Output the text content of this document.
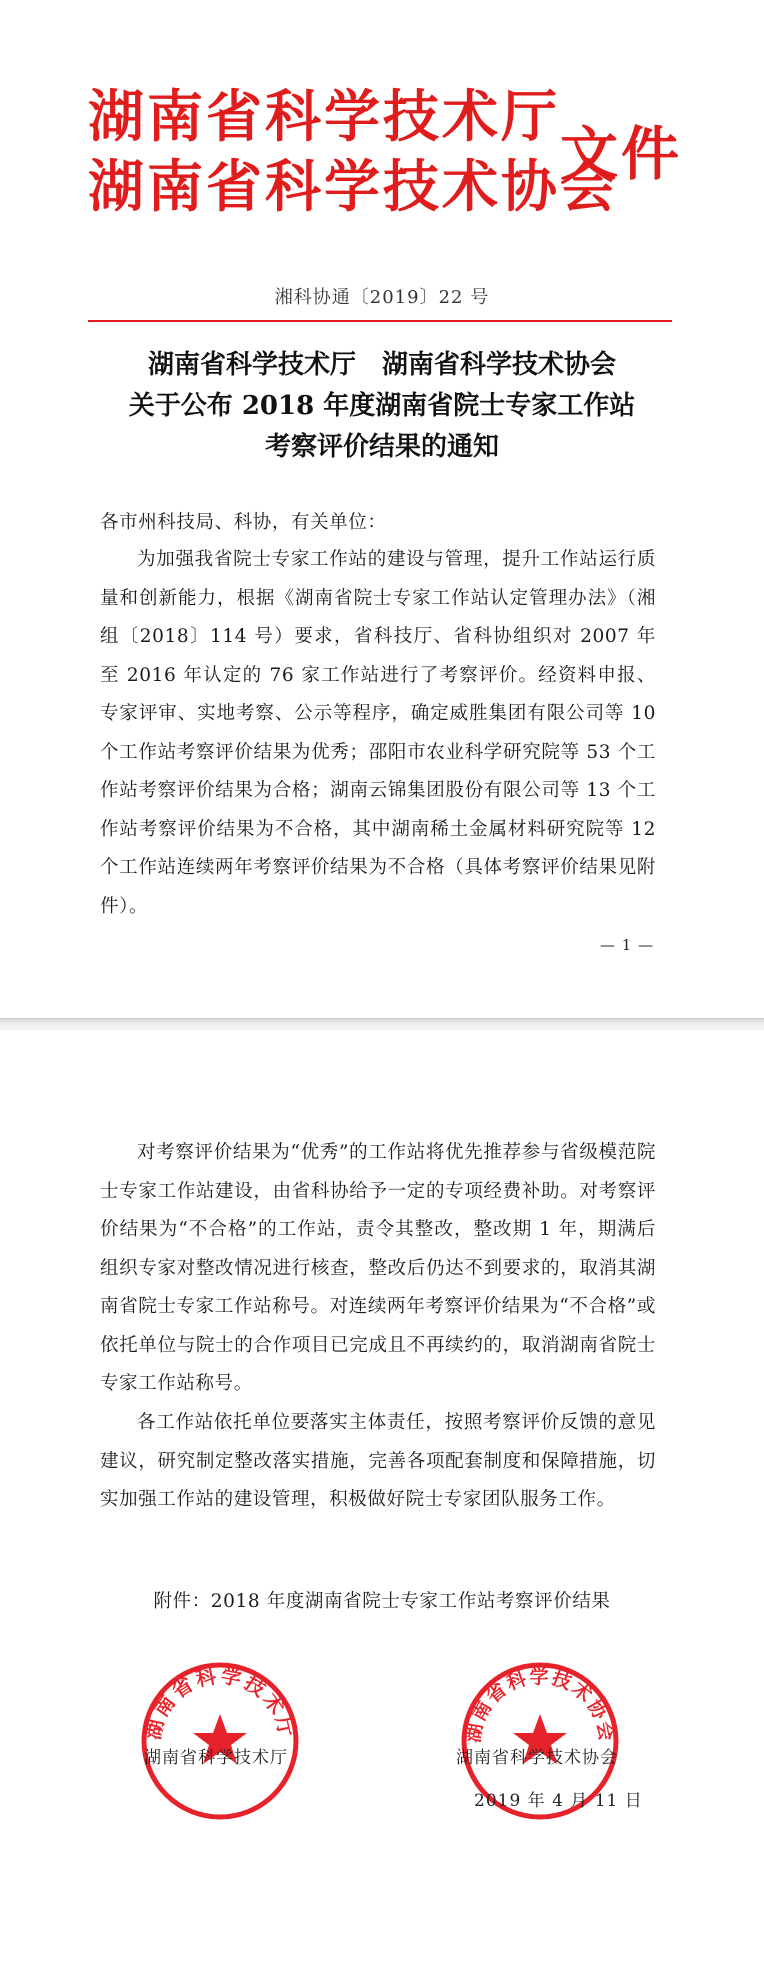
湖南省科学技术厅
湖南省科学技术协会
文件
湘科协通〔2019〕22 号
湖南省科学技术厅　湖南省科学技术协会
关于公布 2018 年度湖南省院士专家工作站
考察评价结果的通知

各市州科技局、科协，有关单位：

为加强我省院士专家工作站的建设与管理，提升工作站运行质量和创新能力，根据《湖南省院士专家工作站认定管理办法》（湘组〔2018〕114 号）要求，省科技厅、省科协组织对 2007 年至 2016 年认定的 76 家工作站进行了考察评价。经资料申报、专家评审、实地考察、公示等程序，确定威胜集团有限公司等 10 个工作站考察评价结果为优秀；邵阳市农业科学研究院等 53 个工作站考察评价结果为合格；湖南云锦集团股份有限公司等 13 个工作站考察评价结果为不合格，其中湖南稀土金属材料研究院等 12 个工作站连续两年考察评价结果为不合格（具体考察评价结果见附件）。

— 1 —

对考察评价结果为“优秀”的工作站将优先推荐参与省级模范院士专家工作站建设，由省科协给予一定的专项经费补助。对考察评价结果为“不合格”的工作站，责令其整改，整改期 1 年，期满后组织专家对整改情况进行核查，整改后仍达不到要求的，取消其湖南省院士专家工作站称号。对连续两年考察评价结果为“不合格”或依托单位与院士的合作项目已完成且不再续约的，取消湖南省院士专家工作站称号。

各工作站依托单位要落实主体责任，按照考察评价反馈的意见建议，研究制定整改落实措施，完善各项配套制度和保障措施，切实加强工作站的建设管理，积极做好院士专家团队服务工作。

附件：2018 年度湖南省院士专家工作站考察评价结果
湖南省科学技术厅	湖南省科学技术协会
湖南省科学技术厅	湖南省科学技术协会
2019 年 4 月 11 日
